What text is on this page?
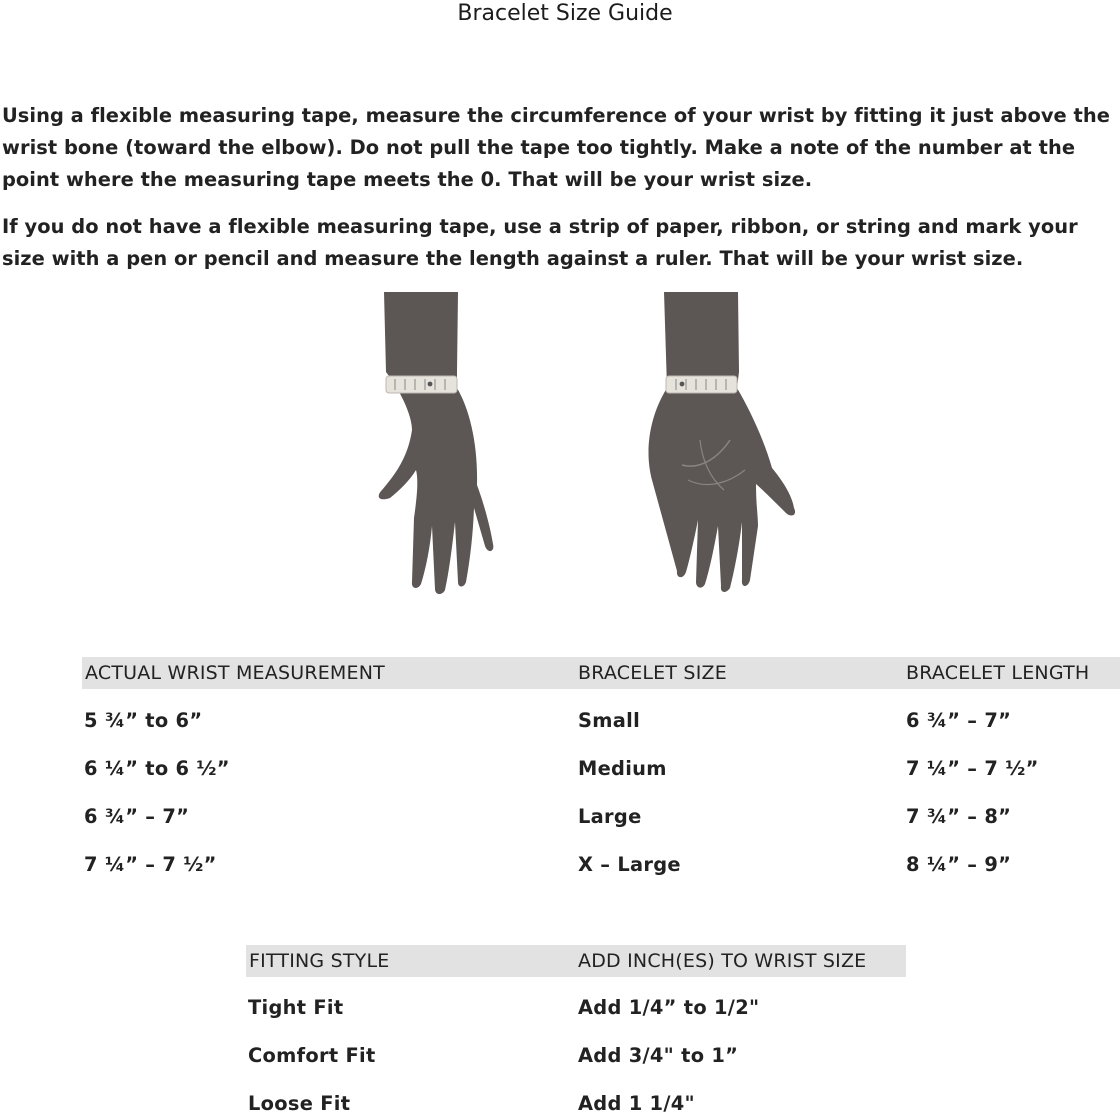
Bracelet Size Guide

Using a flexible measuring tape, measure the circumference of your wrist by fitting it just above the wrist bone (toward the elbow). Do not pull the tape too tightly. Make a note of the number at the point where the measuring tape meets the 0. That will be your wrist size.

If you do not have a flexible measuring tape, use a strip of paper, ribbon, or string and mark your size with a pen or pencil and measure the length against a ruler. That will be your wrist size.

ACTUAL WRIST MEASUREMENT	BRACELET SIZE	BRACELET LENGTH
5 ¾” to 6”	Small	6 ¾” – 7”
6 ¼” to 6 ½”	Medium	7 ¼” – 7 ½”
6 ¾” – 7”	Large	7 ¾” – 8”
7 ¼” – 7 ½”	X – Large	8 ¼” – 9”
FITTING STYLE	ADD INCH(ES) TO WRIST SIZE
Tight Fit	Add 1/4” to 1/2"
Comfort Fit	Add 3/4" to 1”
Loose Fit	Add 1 1/4"
